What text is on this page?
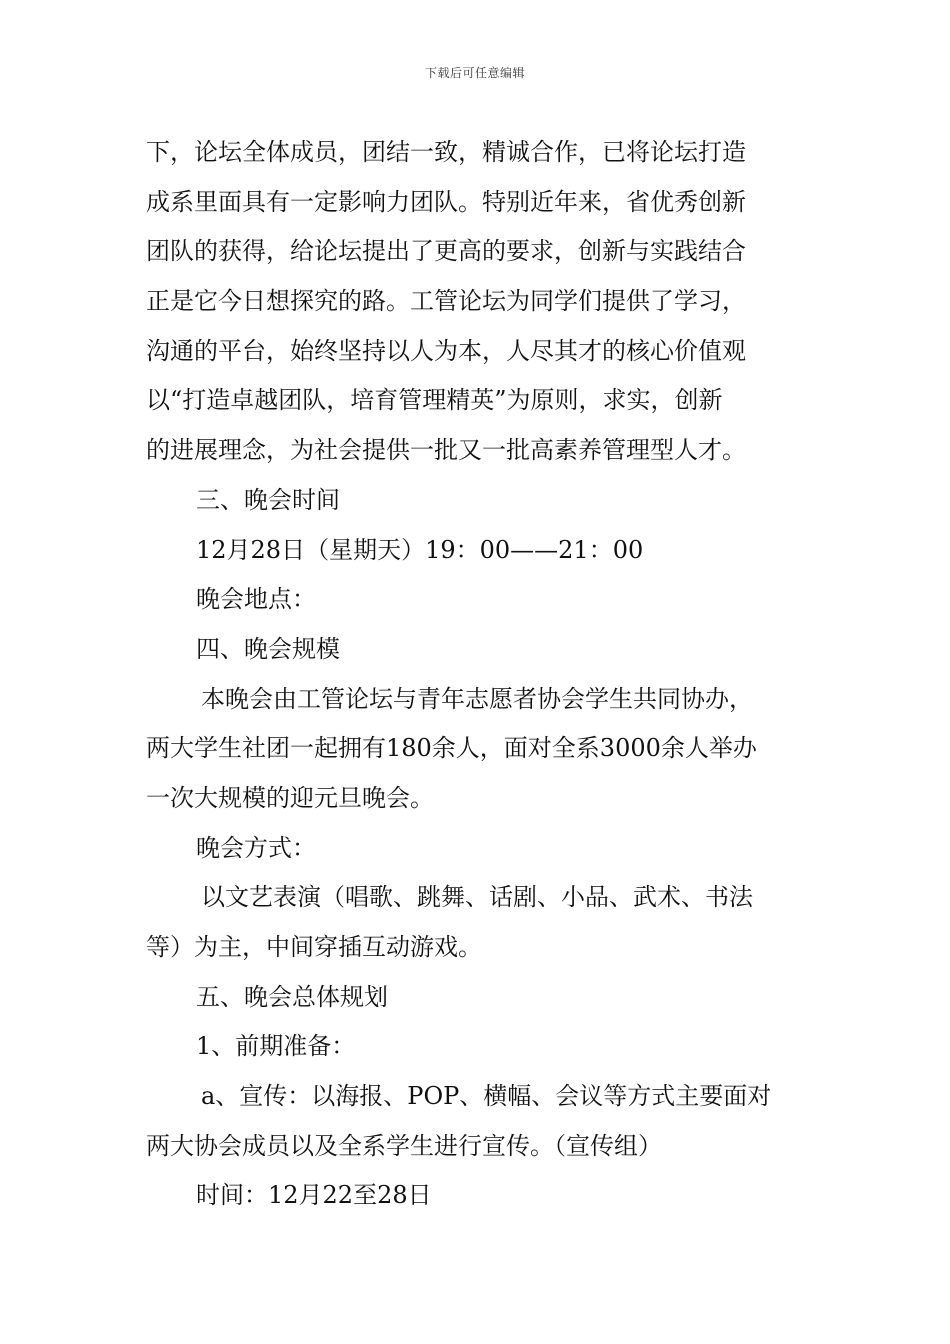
下载后可任意编辑
下，论坛全体成员，团结一致，精诚合作，已将论坛打造
成系里面具有一定影响力团队。特别近年来，省优秀创新
团队的获得，给论坛提出了更高的要求，创新与实践结合
正是它今日想探究的路。工管论坛为同学们提供了学习，
沟通的平台，始终坚持以人为本，人尽其才的核心价值观
以“打造卓越团队，培育管理精英”为原则，求实，创新
的进展理念，为社会提供一批又一批高素养管理型人才。
三、晚会时间
12月28日（星期天）19：00——21：00
晚会地点：
四、晚会规模
本晚会由工管论坛与青年志愿者协会学生共同协办，
两大学生社团一起拥有180余人，面对全系3000余人举办
一次大规模的迎元旦晚会。
晚会方式：
以文艺表演（唱歌、跳舞、话剧、小品、武术、书法
等）为主，中间穿插互动游戏。
五、晚会总体规划
1、前期准备：
a、宣传：以海报、POP、横幅、会议等方式主要面对
两大协会成员以及全系学生进行宣传。（宣传组）
时间：12月22至28日
